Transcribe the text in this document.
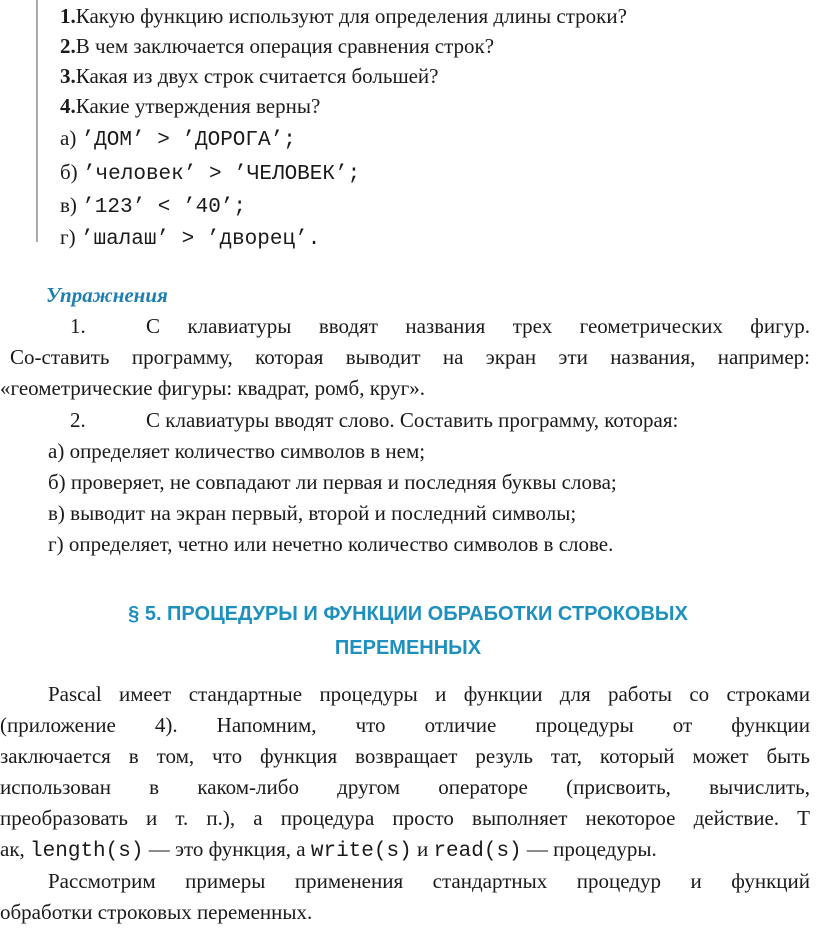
1.Какую функцию используют для определения длины строки?
2.В чем заключается операция сравнения строк?
3.Какая из двух строк считается большей?
4.Какие утверждения верны?
а) ’ДОМ’ > ’ДОРОГА’;
б) ’человек’ > ’ЧЕЛОВЕК’;
в) ’123’ < ’40’;
г) ’шалаш’ > ’дворец’.
Упражнения
1.	С клавиатуры вводят названия трех геометрических фигур.
Со-ставить программу, которая выводит на экран эти названия, например:
«геометрические фигуры: квадрат, ромб, круг».
2.	С клавиатуры вводят слово. Составить программу, которая:
а) определяет количество символов в нем;
б) проверяет, не совпадают ли первая и последняя буквы слова;
в) выводит на экран первый, второй и последний символы;
г) определяет, четно или нечетно количество символов в слове.
§ 5. ПРОЦЕДУРЫ И ФУНКЦИИ ОБРАБОТКИ СТРОКОВЫХ
ПЕРЕМЕННЫХ
Pascal имеет стандартные процедуры и функции для работы со строками
(приложение 4). Напомним, что отличие процедуры от функции
заключается в том, что функция возвращает резуль тат, который может быть
использован в каком-либо другом операторе (присвоить, вычислить,
преобразовать и т. п.), а процедура просто выполняет некоторое действие. Т
ак, length(s) — это функция, а write(s) и read(s) — процедуры.
Рассмотрим примеры применения стандартных процедур и функций
обработки строковых переменных.
